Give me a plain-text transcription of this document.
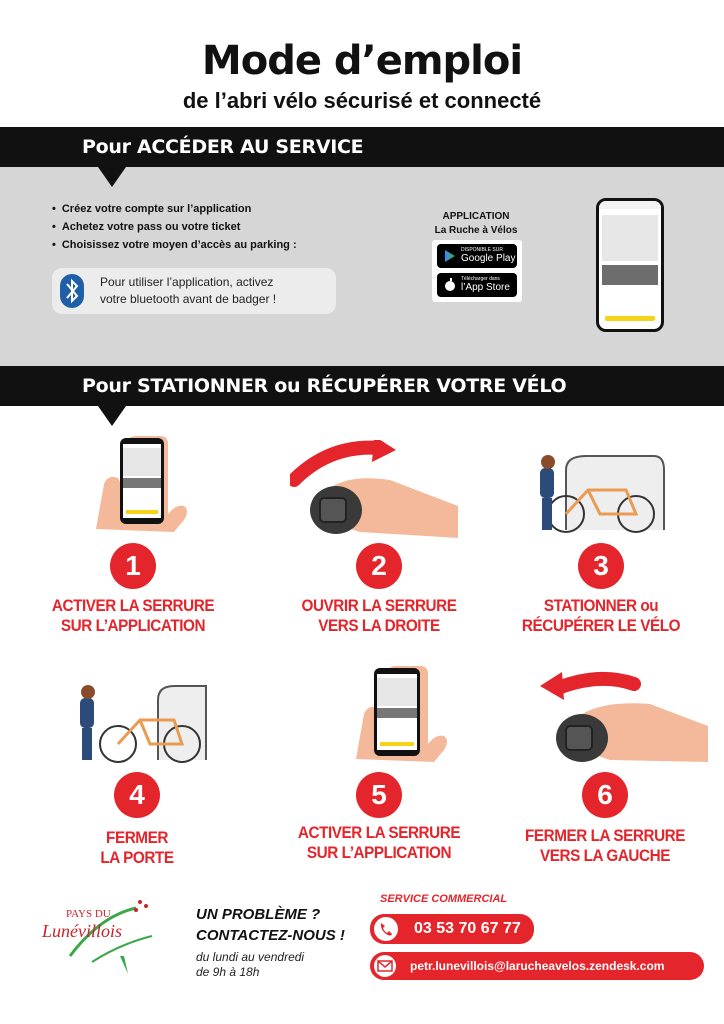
Mode d’emploi
de l’abri vélo sécurisé et connecté
Pour ACCÉDER AU SERVICE
• Créez votre compte sur l’application
• Achetez votre pass ou votre ticket
• Choisissez votre moyen d’accès au parking :
Pour utiliser l’application, activez
votre bluetooth avant de badger !
APPLICATION
La Ruche à Vélos
DISPONIBLE SUR
Google Play
Télécharger dans
l’App Store
Pour STATIONNER ou RÉCUPÉRER VOTRE VÉLO
1
ACTIVER LA SERRURE
SUR L’APPLICATION
2
OUVRIR LA SERRURE
VERS LA DROITE
3
STATIONNER ou
RÉCUPÉRER LE VÉLO
4
FERMER
LA PORTE
5
ACTIVER LA SERRURE
SUR L’APPLICATION
6
FERMER LA SERRURE
VERS LA GAUCHE
PAYS DU
Lunévillois
UN PROBLÈME ?
CONTACTEZ-NOUS !
du lundi au vendredi
de 9h à 18h
SERVICE COMMERCIAL
03 53 70 67 77
petr.lunevillois@larucheavelos.zendesk.com
